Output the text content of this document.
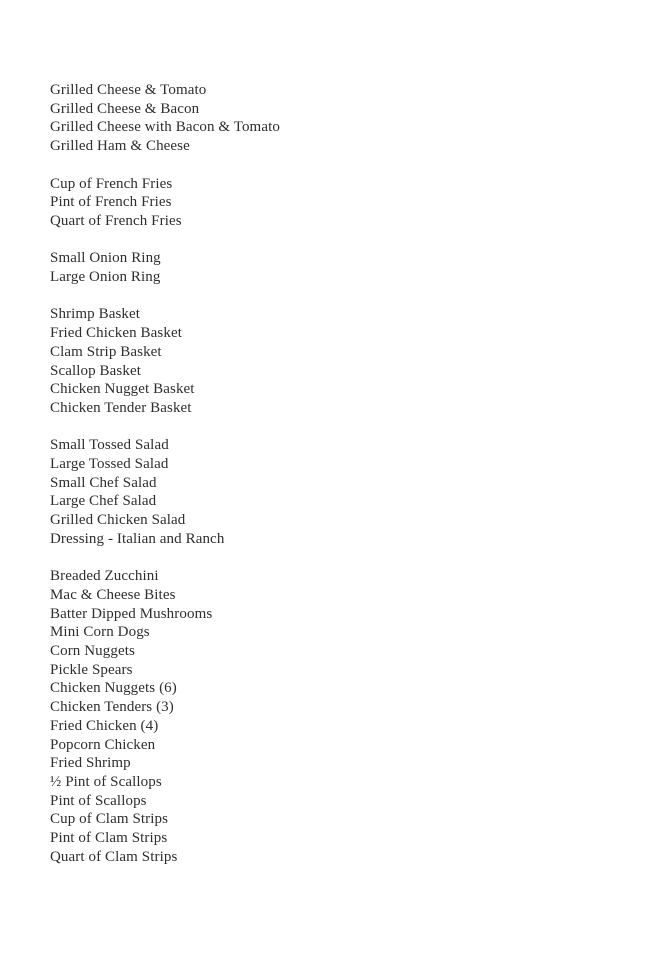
Grilled Cheese & Tomato
Grilled Cheese & Bacon
Grilled Cheese with Bacon & Tomato
Grilled Ham & Cheese
Cup of French Fries
Pint of French Fries
Quart of French Fries
Small Onion Ring
Large Onion Ring
Shrimp Basket
Fried Chicken Basket
Clam Strip Basket
Scallop Basket
Chicken Nugget Basket
Chicken Tender Basket
Small Tossed Salad
Large Tossed Salad
Small Chef Salad
Large Chef Salad
Grilled Chicken Salad
Dressing - Italian and Ranch
Breaded Zucchini
Mac & Cheese Bites
Batter Dipped Mushrooms
Mini Corn Dogs
Corn Nuggets
Pickle Spears
Chicken Nuggets (6)
Chicken Tenders (3)
Fried Chicken (4)
Popcorn Chicken
Fried Shrimp
½ Pint of Scallops
Pint of Scallops
Cup of Clam Strips
Pint of Clam Strips
Quart of Clam Strips
